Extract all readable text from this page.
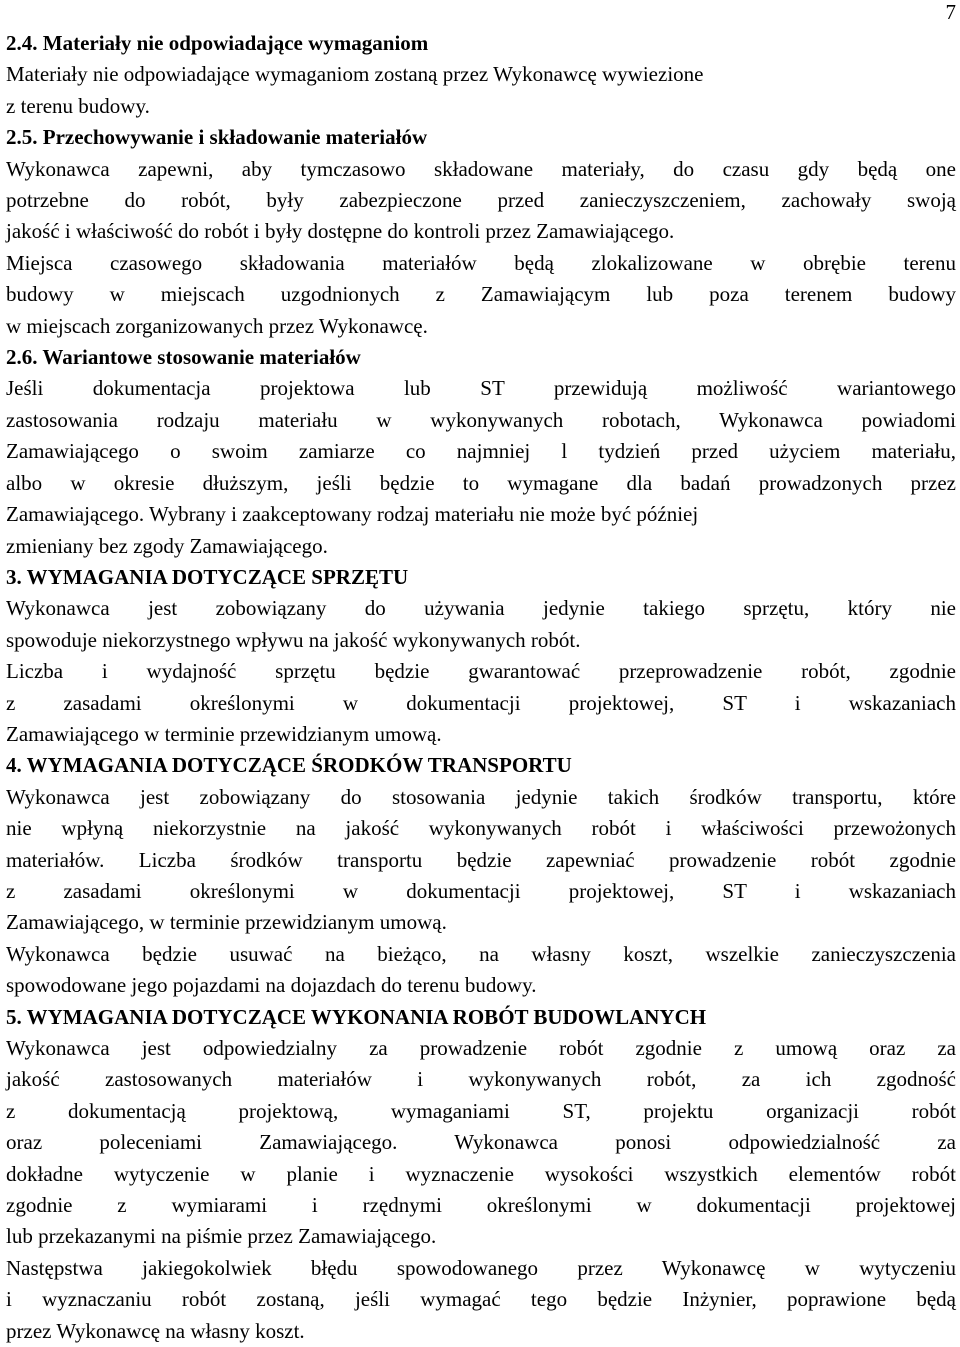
7

2.4. Materiały nie odpowiadające wymaganiom

Materiały nie odpowiadające wymaganiom zostaną przez Wykonawcę wywiezione

z terenu budowy.

2.5. Przechowywanie i składowanie materiałów

Wykonawca zapewni, aby tymczasowo składowane materiały, do czasu gdy będą one

potrzebne do robót, były zabezpieczone przed zanieczyszczeniem, zachowały swoją

jakość i właściwość do robót i były dostępne do kontroli przez Zamawiającego.

Miejsca czasowego składowania materiałów będą zlokalizowane w obrębie terenu

budowy w miejscach uzgodnionych z Zamawiającym lub poza terenem budowy

w miejscach zorganizowanych przez Wykonawcę.

2.6. Wariantowe stosowanie materiałów

Jeśli dokumentacja projektowa lub ST przewidują możliwość wariantowego

zastosowania rodzaju materiału w wykonywanych robotach, Wykonawca powiadomi

Zamawiającego o swoim zamiarze co najmniej l tydzień przed użyciem materiału,

albo w okresie dłuższym, jeśli będzie to wymagane dla badań prowadzonych przez

Zamawiającego. Wybrany i zaakceptowany rodzaj materiału nie może być później

zmieniany bez zgody Zamawiającego.

3. WYMAGANIA DOTYCZĄCE SPRZĘTU

Wykonawca jest zobowiązany do używania jedynie takiego sprzętu, który nie

spowoduje niekorzystnego wpływu na jakość wykonywanych robót.

Liczba i wydajność sprzętu będzie gwarantować przeprowadzenie robót, zgodnie

z zasadami określonymi w dokumentacji projektowej, ST i wskazaniach

Zamawiającego w terminie przewidzianym umową.

4. WYMAGANIA DOTYCZĄCE ŚRODKÓW TRANSPORTU

Wykonawca jest zobowiązany do stosowania jedynie takich środków transportu, które

nie wpłyną niekorzystnie na jakość wykonywanych robót i właściwości przewożonych

materiałów. Liczba środków transportu będzie zapewniać prowadzenie robót zgodnie

z zasadami określonymi w dokumentacji projektowej, ST i wskazaniach

Zamawiającego, w terminie przewidzianym umową.

Wykonawca będzie usuwać na bieżąco, na własny koszt, wszelkie zanieczyszczenia

spowodowane jego pojazdami na dojazdach do terenu budowy.

5. WYMAGANIA DOTYCZĄCE WYKONANIA ROBÓT BUDOWLANYCH

Wykonawca jest odpowiedzialny za prowadzenie robót zgodnie z umową oraz za

jakość zastosowanych materiałów i wykonywanych robót, za ich zgodność

z dokumentacją projektową, wymaganiami ST, projektu organizacji robót

oraz poleceniami Zamawiającego. Wykonawca ponosi odpowiedzialność za

dokładne wytyczenie w planie i wyznaczenie wysokości wszystkich elementów robót

zgodnie z wymiarami i rzędnymi określonymi w dokumentacji projektowej

lub przekazanymi na piśmie przez Zamawiającego.

Następstwa jakiegokolwiek błędu spowodowanego przez Wykonawcę w wytyczeniu

i wyznaczaniu robót zostaną, jeśli wymagać tego będzie Inżynier, poprawione będą

przez Wykonawcę na własny koszt.
